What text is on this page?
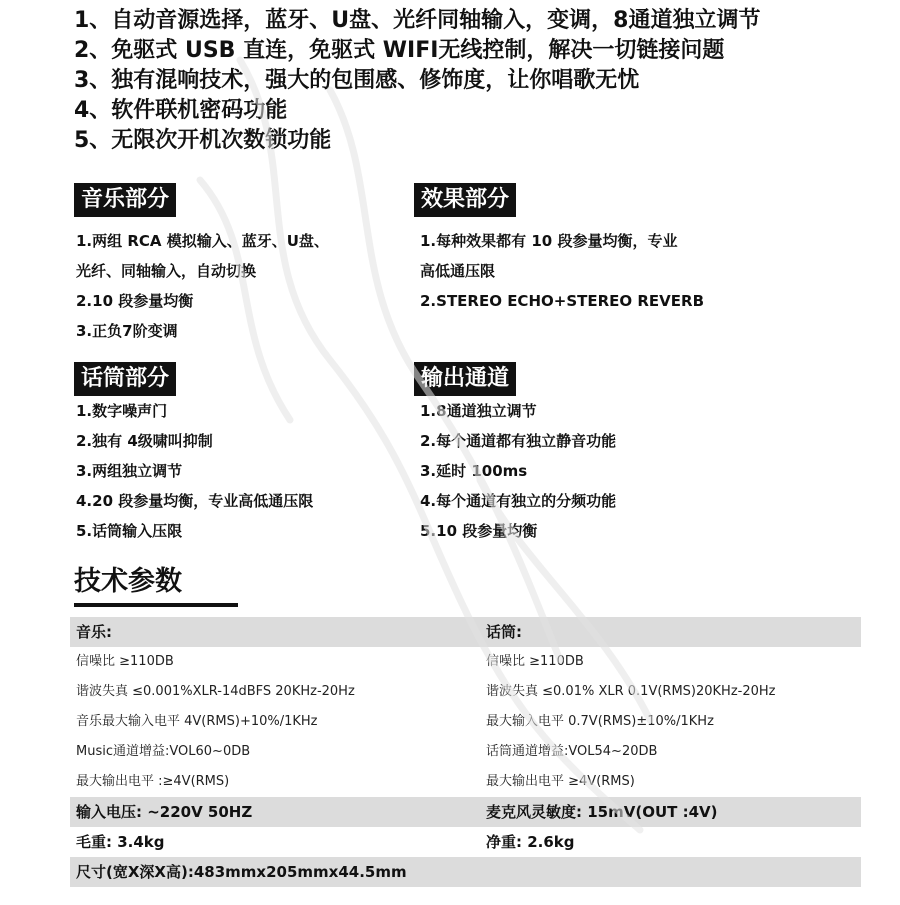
1、自动音源选择，蓝牙、U盘、光纤同轴输入，变调，8通道独立调节
2、免驱式 USB 直连，免驱式 WIFI无线控制，解决一切链接问题
3、独有混响技术，强大的包围感、修饰度，让你唱歌无忧
4、软件联机密码功能
5、无限次开机次数锁功能
音乐部分
1.两组 RCA 模拟输入、蓝牙、U盘、
光纤、同轴输入，自动切换
2.10 段参量均衡
3.正负7阶变调
效果部分
1.每种效果都有 10 段参量均衡，专业
高低通压限
2.STEREO ECHO+STEREO REVERB
话筒部分
1.数字噪声门
2.独有 4级啸叫抑制
3.两组独立调节
4.20 段参量均衡，专业高低通压限
5.话筒输入压限
输出通道
1.8通道独立调节
2.每个通道都有独立静音功能
3.延时 100ms
4.每个通道有独立的分频功能
5.10 段参量均衡
技术参数
音乐:	话筒:
信噪比 ≥110DB	信噪比 ≥110DB
谐波失真 ≤0.001%XLR-14dBFS 20KHz-20Hz	谐波失真 ≤0.01% XLR 0.1V(RMS)20KHz-20Hz
音乐最大输入电平 4V(RMS)+10%/1KHz	最大输入电平 0.7V(RMS)±10%/1KHz
Music通道增益:VOL60~0DB	话筒通道增益:VOL54~20DB
最大输出电平 :≥4V(RMS)	最大输出电平 ≥4V(RMS)
输入电压: ~220V 50HZ	麦克风灵敏度: 15mV(OUT :4V)
毛重: 3.4kg	净重: 2.6kg
尺寸(宽X深X高):483mmx205mmx44.5mm
